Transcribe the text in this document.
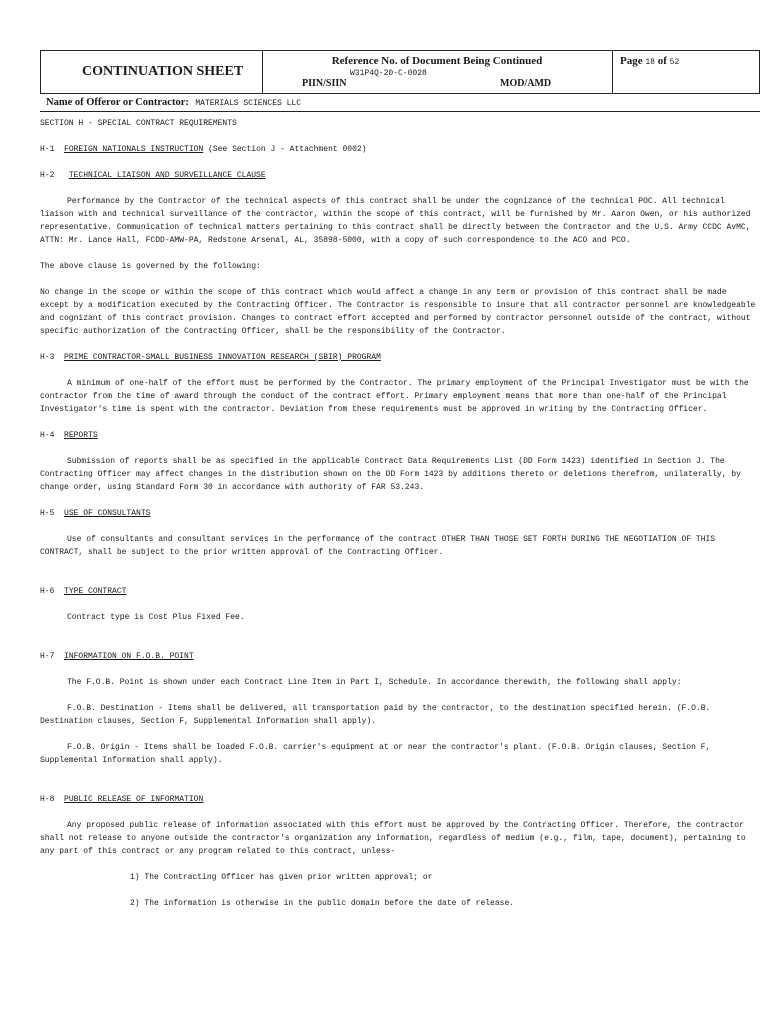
CONTINUATION SHEET
Reference No. of Document Being Continued
W31P4Q-20-C-0028
PIIN/SIIN	MOD/AMD
Page 18 of 52
Name of Offeror or Contractor: MATERIALS SCIENCES LLC

SECTION H - SPECIAL CONTRACT REQUIREMENTS

H-1 FOREIGN NATIONALS INSTRUCTION (See Section J - Attachment 0002)

H-2 TECHNICAL LIAISON AND SURVEILLANCE CLAUSE

Performance by the Contractor of the technical aspects of this contract shall be under the cognizance of the technical POC. All technical liaison with and technical surveillance of the contractor, within the scope of this contract, will be furnished by Mr. Aaron Owen, or his authorized representative. Communication of technical matters pertaining to this contract shall be directly between the Contractor and the U.S. Army CCDC AvMC, ATTN: Mr. Lance Hall, FCDD-AMW-PA, Redstone Arsenal, AL, 35898-5000, with a copy of such correspondence to the ACO and PCO.

The above clause is governed by the following:

No change in the scope or within the scope of this contract which would affect a change in any term or provision of this contract shall be made except by a modification executed by the Contracting Officer. The Contractor is responsible to insure that all contractor personnel are knowledgeable and cognizant of this contract provision. Changes to contract effort accepted and performed by contractor personnel outside of the contract, without specific authorization of the Contracting Officer, shall be the responsibility of the Contractor.

H-3 PRIME CONTRACTOR-SMALL BUSINESS INNOVATION RESEARCH (SBIR) PROGRAM

A minimum of one-half of the effort must be performed by the Contractor. The primary employment of the Principal Investigator must be with the contractor from the time of award through the conduct of the contract effort. Primary employment means that more than one-half of the Principal Investigator's time is spent with the contractor. Deviation from these requirements must be approved in writing by the Contracting Officer.

H-4 REPORTS

Submission of reports shall be as specified in the applicable Contract Data Requirements List (DD Form 1423) identified in Section J. The Contracting Officer may affect changes in the distribution shown on the DD Form 1423 by additions thereto or deletions therefrom, unilaterally, by change order, using Standard Form 30 in accordance with authority of FAR 53.243.

H-5 USE OF CONSULTANTS

Use of consultants and consultant services in the performance of the contract OTHER THAN THOSE SET FORTH DURING THE NEGOTIATION OF THIS CONTRACT, shall be subject to the prior written approval of the Contracting Officer.

H-6 TYPE CONTRACT

Contract type is Cost Plus Fixed Fee.

H-7 INFORMATION ON F.O.B. POINT

The F.O.B. Point is shown under each Contract Line Item in Part I, Schedule. In accordance therewith, the following shall apply:

F.O.B. Destination - Items shall be delivered, all transportation paid by the contractor, to the destination specified herein. (F.O.B. Destination clauses, Section F, Supplemental Information shall apply).

F.O.B. Origin - Items shall be loaded F.O.B. carrier's equipment at or near the contractor's plant. (F.O.B. Origin clauses, Section F, Supplemental Information shall apply).

H-8 PUBLIC RELEASE OF INFORMATION

Any proposed public release of information associated with this effort must be approved by the Contracting Officer. Therefore, the contractor shall not release to anyone outside the contractor's organization any information, regardless of medium (e.g., film, tape, document), pertaining to any part of this contract or any program related to this contract, unless-

1) The Contracting Officer has given prior written approval; or

2) The information is otherwise in the public domain before the date of release.
